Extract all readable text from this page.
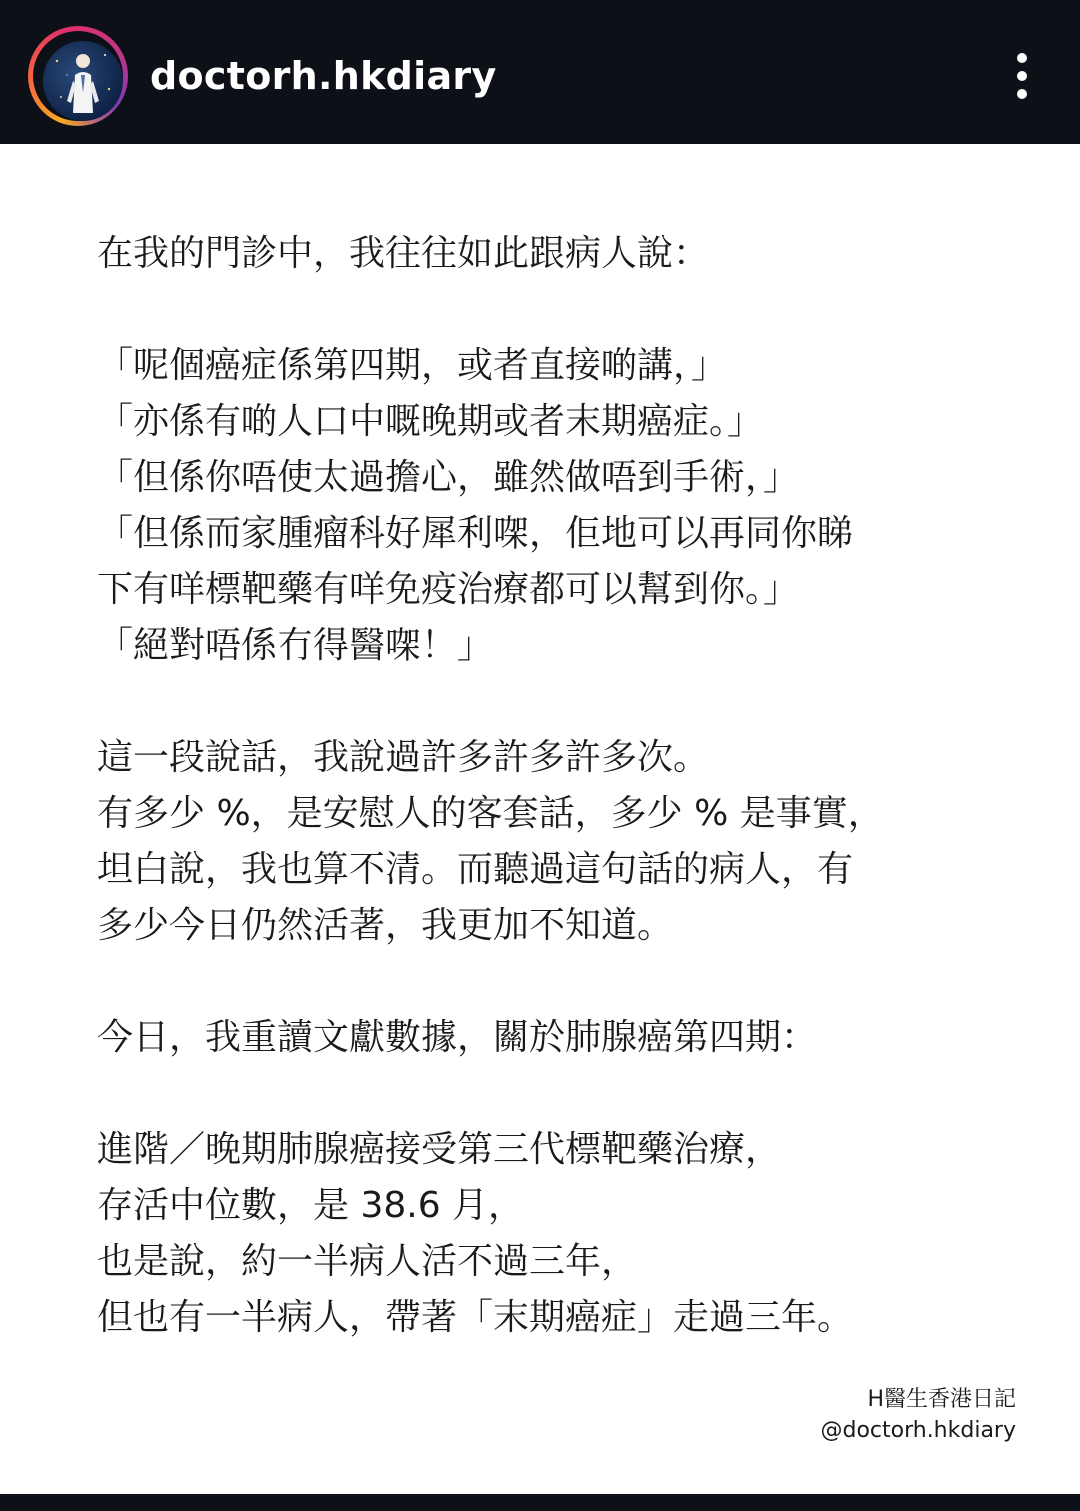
doctorh.hkdiary
在我的門診中，我往往如此跟病人說：
「呢個癌症係第四期，或者直接啲講，」
「亦係有啲人口中嘅晚期或者末期癌症。」
「但係你唔使太過擔心，雖然做唔到手術，」
「但係而家腫瘤科好犀利㗎，佢地可以再同你睇
下有咩標靶藥有咩免疫治療都可以幫到你。」
「絕對唔係冇得醫㗎！」
這一段說話，我說過許多許多許多次。
有多少 %，是安慰人的客套話，多少 % 是事實，
坦白說，我也算不清。而聽過這句話的病人，有
多少今日仍然活著，我更加不知道。
今日，我重讀文獻數據，關於肺腺癌第四期：
進階／晚期肺腺癌接受第三代標靶藥治療，
存活中位數，是 38.6 月，
也是說，約一半病人活不過三年，
但也有一半病人，帶著「末期癌症」走過三年。
H醫生香港日記
@doctorh.hkdiary
